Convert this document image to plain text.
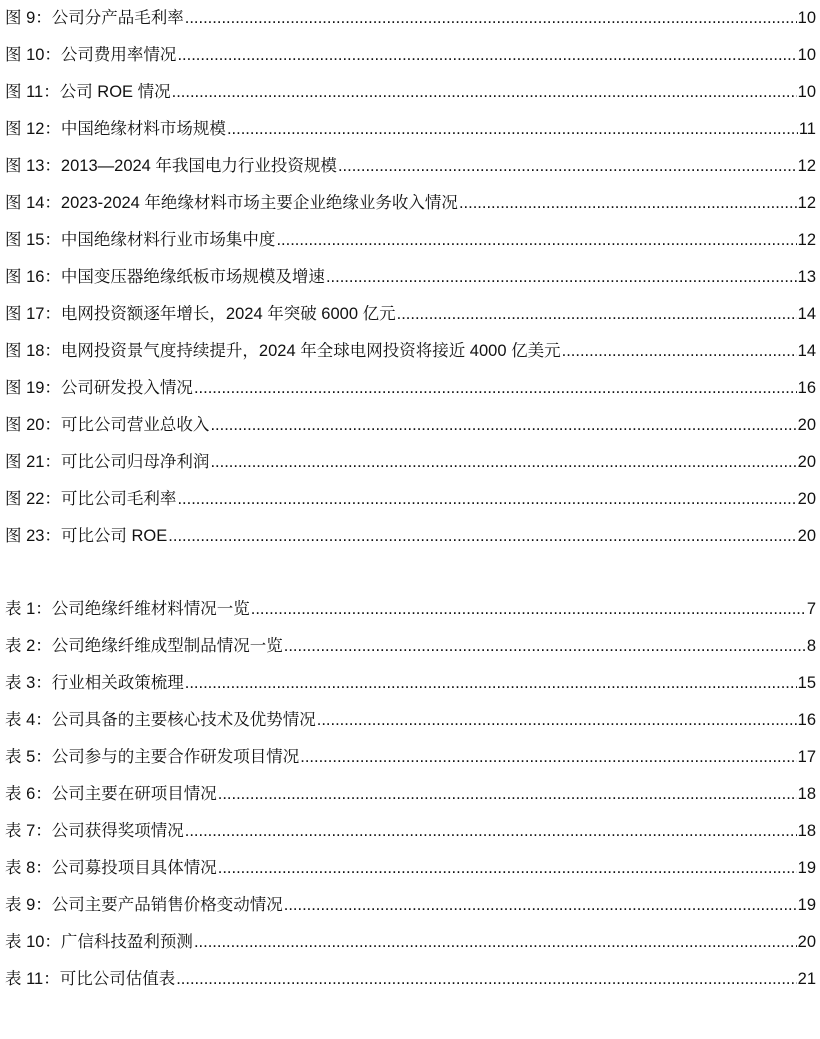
图 9：公司分产品毛利率 .....	10
图 10：公司费用率情况 .....	10
图 11：公司 ROE 情况 .....	10
图 12：中国绝缘材料市场规模 .....	11
图 13：2013—2024 年我国电力行业投资规模 .....	12
图 14：2023-2024 年绝缘材料市场主要企业绝缘业务收入情况 .....	12
图 15：中国绝缘材料行业市场集中度 .....	12
图 16：中国变压器绝缘纸板市场规模及增速 .....	13
图 17：电网投资额逐年增长，2024 年突破 6000 亿元 .....	14
图 18：电网投资景气度持续提升，2024 年全球电网投资将接近 4000 亿美元 .....	14
图 19：公司研发投入情况 .....	16
图 20：可比公司营业总收入 .....	20
图 21：可比公司归母净利润 .....	20
图 22：可比公司毛利率 .....	20
图 23：可比公司 ROE .....	20
表 1：公司绝缘纤维材料情况一览 .....	7
表 2：公司绝缘纤维成型制品情况一览 .....	8
表 3：行业相关政策梳理 .....	15
表 4：公司具备的主要核心技术及优势情况 .....	16
表 5：公司参与的主要合作研发项目情况 .....	17
表 6：公司主要在研项目情况 .....	18
表 7：公司获得奖项情况 .....	18
表 8：公司募投项目具体情况 .....	19
表 9：公司主要产品销售价格变动情况 .....	19
表 10：广信科技盈利预测 .....	20
表 11：可比公司估值表 .....	21
